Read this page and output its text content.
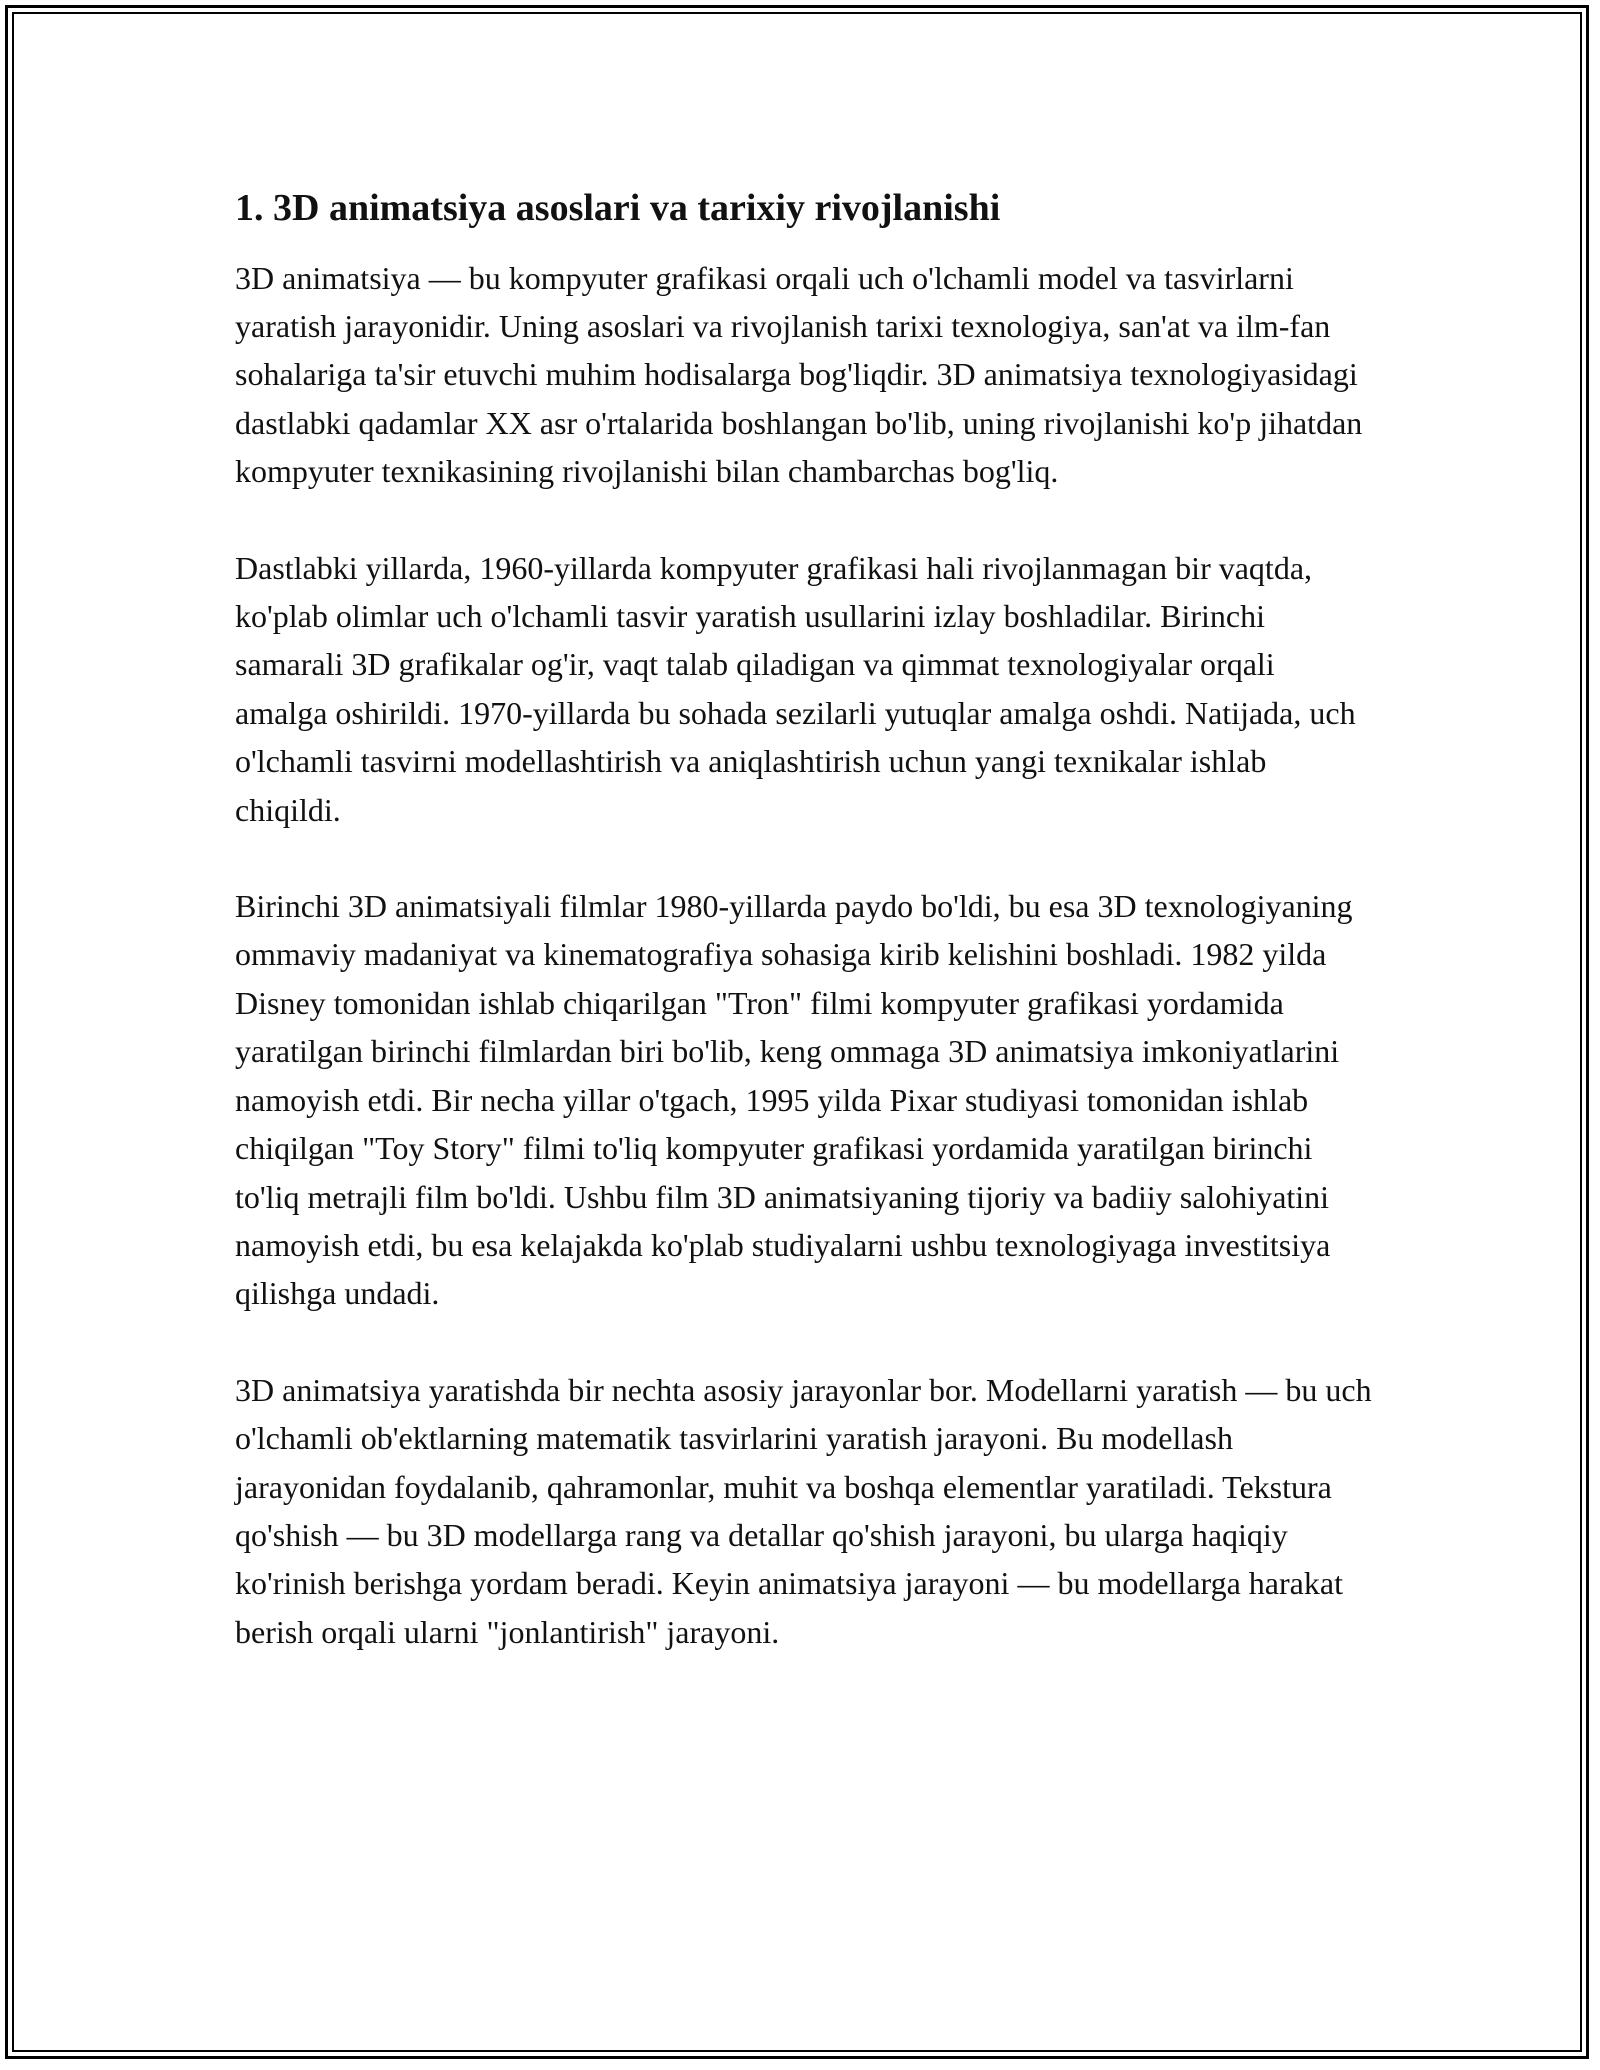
1. 3D animatsiya asoslari va tarixiy rivojlanishi

3D animatsiya — bu kompyuter grafikasi orqali uch o'lchamli model va tasvirlarni yaratish jarayonidir. Uning asoslari va rivojlanish tarixi texnologiya, san'at va ilm-fan sohalariga ta'sir etuvchi muhim hodisalarga bog'liqdir. 3D animatsiya texnologiyasidagi dastlabki qadamlar XX asr o'rtalarida boshlangan bo'lib, uning rivojlanishi ko'p jihatdan kompyuter texnikasining rivojlanishi bilan chambarchas bog'liq.

Dastlabki yillarda, 1960-yillarda kompyuter grafikasi hali rivojlanmagan bir vaqtda, ko'plab olimlar uch o'lchamli tasvir yaratish usullarini izlay boshladilar. Birinchi samarali 3D grafikalar og'ir, vaqt talab qiladigan va qimmat texnologiyalar orqali amalga oshirildi. 1970-yillarda bu sohada sezilarli yutuqlar amalga oshdi. Natijada, uch o'lchamli tasvirni modellashtirish va aniqlashtirish uchun yangi texnikalar ishlab chiqildi.

Birinchi 3D animatsiyali filmlar 1980-yillarda paydo bo'ldi, bu esa 3D texnologiyaning ommaviy madaniyat va kinematografiya sohasiga kirib kelishini boshladi. 1982 yilda Disney tomonidan ishlab chiqarilgan "Tron" filmi kompyuter grafikasi yordamida yaratilgan birinchi filmlardan biri bo'lib, keng ommaga 3D animatsiya imkoniyatlarini namoyish etdi. Bir necha yillar o'tgach, 1995 yilda Pixar studiyasi tomonidan ishlab chiqilgan "Toy Story" filmi to'liq kompyuter grafikasi yordamida yaratilgan birinchi to'liq metrajli film bo'ldi. Ushbu film 3D animatsiyaning tijoriy va badiiy salohiyatini namoyish etdi, bu esa kelajakda ko'plab studiyalarni ushbu texnologiyaga investitsiya qilishga undadi.

3D animatsiya yaratishda bir nechta asosiy jarayonlar bor. Modellarni yaratish — bu uch o'lchamli ob'ektlarning matematik tasvirlarini yaratish jarayoni. Bu modellash jarayonidan foydalanib, qahramonlar, muhit va boshqa elementlar yaratiladi. Tekstura qo'shish — bu 3D modellarga rang va detallar qo'shish jarayoni, bu ularga haqiqiy ko'rinish berishga yordam beradi. Keyin animatsiya jarayoni — bu modellarga harakat berish orqali ularni "jonlantirish" jarayoni.
